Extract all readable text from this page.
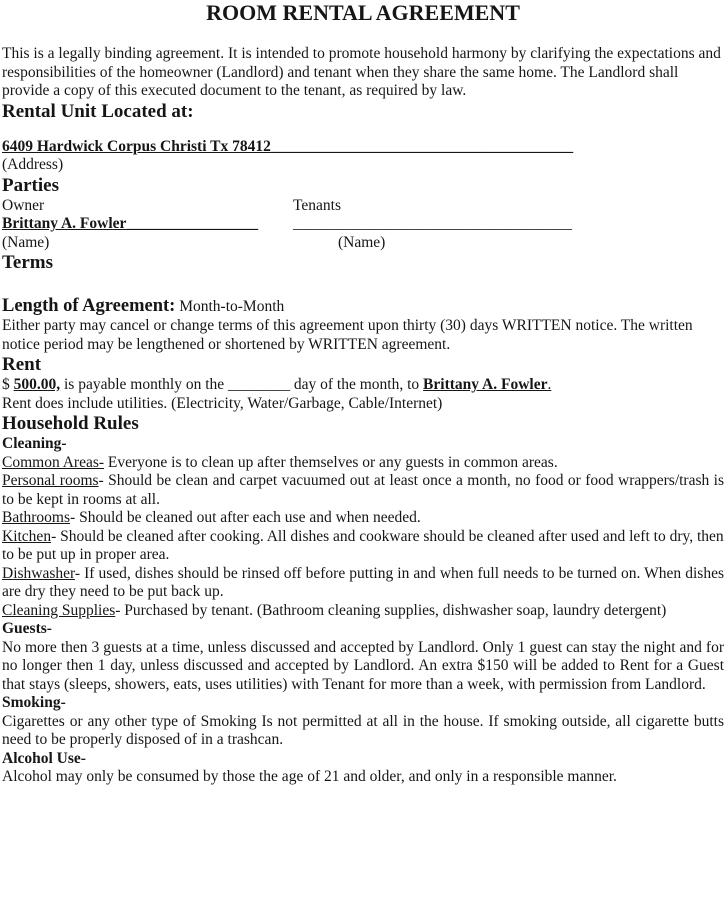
ROOM RENTAL AGREEMENT

This is a legally binding agreement. It is intended to promote household harmony by clarifying the expectations and responsibilities of the homeowner (Landlord) and tenant when they share the same home. The Landlord shall provide a copy of this executed document to the tenant, as required by law.

Rental Unit Located at:

6409 Hardwick Corpus Christi Tx 78412_______________________________________

(Address)

Parties

Owner

Brittany A. Fowler_________________

(Name)

Tenants

____________________________________

(Name)

Terms

Length of Agreement: Month-to-Month

Either party may cancel or change terms of this agreement upon thirty (30) days WRITTEN notice. The written notice period may be lengthened or shortened by WRITTEN agreement.

Rent

$ 500.00, is payable monthly on the ________ day of the month, to Brittany A. Fowler.

Rent does include utilities. (Electricity, Water/Garbage, Cable/Internet)

Household Rules

Cleaning-

Common Areas- Everyone is to clean up after themselves or any guests in common areas.

Personal rooms- Should be clean and carpet vacuumed out at least once a month, no food or food wrappers/trash is to be kept in rooms at all.

Bathrooms- Should be cleaned out after each use and when needed.

Kitchen- Should be cleaned after cooking. All dishes and cookware should be cleaned after used and left to dry, then to be put up in proper area.

Dishwasher- If used, dishes should be rinsed off before putting in and when full needs to be turned on. When dishes are dry they need to be put back up.

Cleaning Supplies- Purchased by tenant. (Bathroom cleaning supplies, dishwasher soap, laundry detergent)

Guests-

No more then 3 guests at a time, unless discussed and accepted by Landlord. Only 1 guest can stay the night and for no longer then 1 day, unless discussed and accepted by Landlord. An extra $150 will be added to Rent for a Guest that stays (sleeps, showers, eats, uses utilities) with Tenant for more than a week, with permission from Landlord.

Smoking-

Cigarettes or any other type of Smoking Is not permitted at all in the house. If smoking outside, all cigarette butts need to be properly disposed of in a trashcan.

Alcohol Use-

Alcohol may only be consumed by those the age of 21 and older, and only in a responsible manner.
